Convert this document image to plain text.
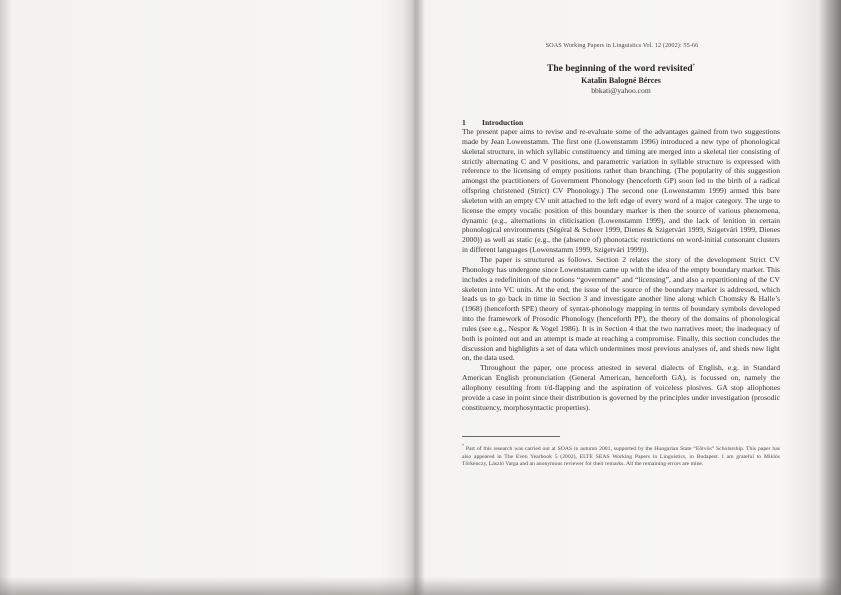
SOAS Working Papers in Linguistics Vol. 12 (2002): 55-66
The beginning of the word revisited*
Katalin Balogné Bérces
bbkati@yahoo.com
1 Introduction

The present paper aims to revise and re-evaluate some of the advantages gained from two suggestions made by Jean Lowenstamm. The first one (Lowenstamm 1996) introduced a new type of phonological skeletal structure, in which syllabic constituency and timing are merged into a skeletal tier consisting of strictly alternating C and V positions, and parametric variation in syllable structure is expressed with reference to the licensing of empty positions rather than branching. (The popularity of this suggestion amongst the practitioners of Government Phonology (henceforth GP) soon led to the birth of a radical offspring christened (Strict) CV Phonology.) The second one (Lowenstamm 1999) armed this bare skeleton with an empty CV unit attached to the left edge of every word of a major category. The urge to license the empty vocalic position of this boundary marker is then the source of various phenomena, dynamic (e.g., alternations in cliticisation (Lowenstamm 1999), and the lack of lenition in certain phonological environments (Ségéral & Scheer 1999, Dienes & Szigetvári 1999, Szigetvári 1999, Dienes 2000)) as well as static (e.g., the (absence of) phonotactic restrictions on word-initial consonant clusters in different languages (Lowenstamm 1999, Szigetvári 1999)).

The paper is structured as follows. Section 2 relates the story of the development Strict CV Phonology has undergone since Lowenstamm came up with the idea of the empty boundary marker. This includes a redefinition of the notions “government” and “licensing”, and also a repartitioning of the CV skeleton into VC units. At the end, the issue of the source of the boundary marker is addressed, which leads us to go back in time in Section 3 and investigate another line along which Chomsky & Halle’s (1968) (henceforth SPE) theory of syntax-phonology mapping in terms of boundary symbols developed into the framework of Prosodic Phonology (henceforth PP), the theory of the domains of phonological rules (see e.g., Nespor & Vogel 1986). It is in Section 4 that the two narratives meet; the inadequacy of both is pointed out and an attempt is made at reaching a compromise. Finally, this section concludes the discussion and highlights a set of data which undermines most previous analyses of, and sheds new light on, the data used.

Throughout the paper, one process attested in several dialects of English, e.g. in Standard American English pronunciation (General American, henceforth GA), is focussed on, namely the allophony resulting from t/d-flapping and the aspiration of voiceless plosives. GA stop allophones provide a case in point since their distribution is governed by the principles under investigation (prosodic constituency, morphosyntactic properties).

* Part of this research was carried out at SOAS in autumn 2001, supported by the Hungarian State “Eötvös” Scholarship. This paper has also appeared in The Even Yearbook 5 (2002), ELTE SEAS Working Papers in Linguistics, in Budapest. I am grateful to Miklós Törkenczy, László Varga and an anonymous reviewer for their remarks. All the remaining errors are mine.
